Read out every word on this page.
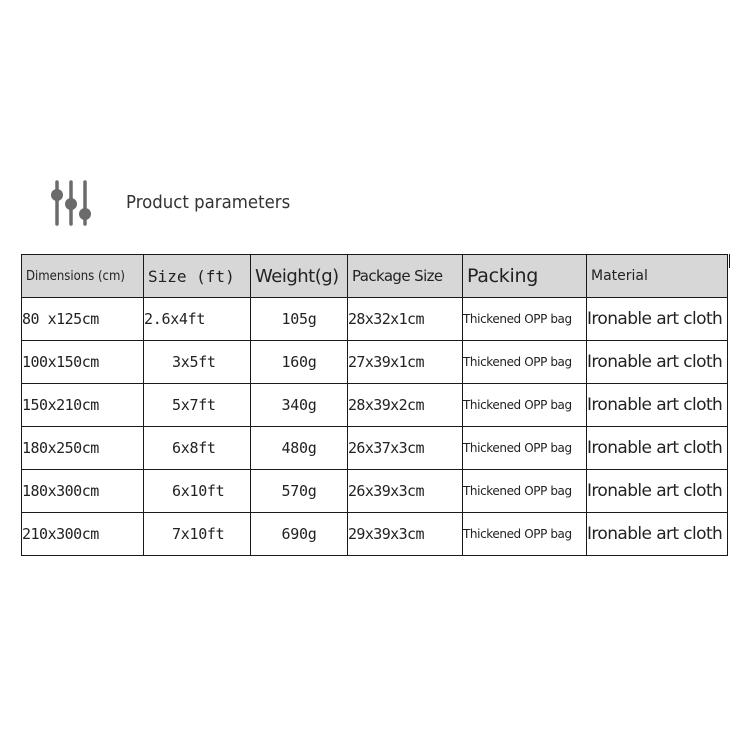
Product parameters
Dimensions (cm)	Size (ft)	Weight(g)	Package Size	Packing	Material
80 x125cm	2.6x4ft	105g	28x32x1cm	Thickened OPP bag	Ironable art cloth
100x150cm	3x5ft	160g	27x39x1cm	Thickened OPP bag	Ironable art cloth
150x210cm	5x7ft	340g	28x39x2cm	Thickened OPP bag	Ironable art cloth
180x250cm	6x8ft	480g	26x37x3cm	Thickened OPP bag	Ironable art cloth
180x300cm	6x10ft	570g	26x39x3cm	Thickened OPP bag	Ironable art cloth
210x300cm	7x10ft	690g	29x39x3cm	Thickened OPP bag	Ironable art cloth
